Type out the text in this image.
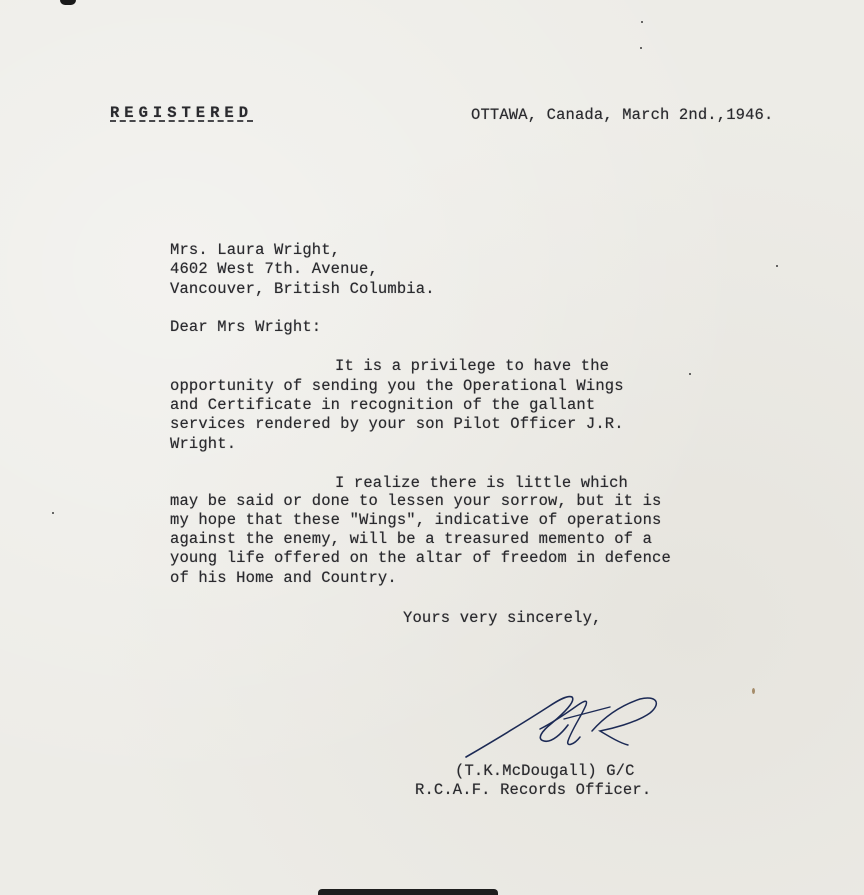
REGISTERED	OTTAWA, Canada, March 2nd.,1946.
Mrs. Laura Wright,
4602 West 7th. Avenue,
Vancouver, British Columbia.
Dear Mrs Wright:
It is a privilege to have the
opportunity of sending you the Operational Wings
and Certificate in recognition of the gallant
services rendered by your son Pilot Officer J.R.
Wright.
I realize there is little which
may be said or done to lessen your sorrow, but it is
my hope that these "Wings", indicative of operations
against the enemy, will be a treasured memento of a
young life offered on the altar of freedom in defence
of his Home and Country.
Yours very sincerely,
(T.K.McDougall) G/C
R.C.A.F. Records Officer.
